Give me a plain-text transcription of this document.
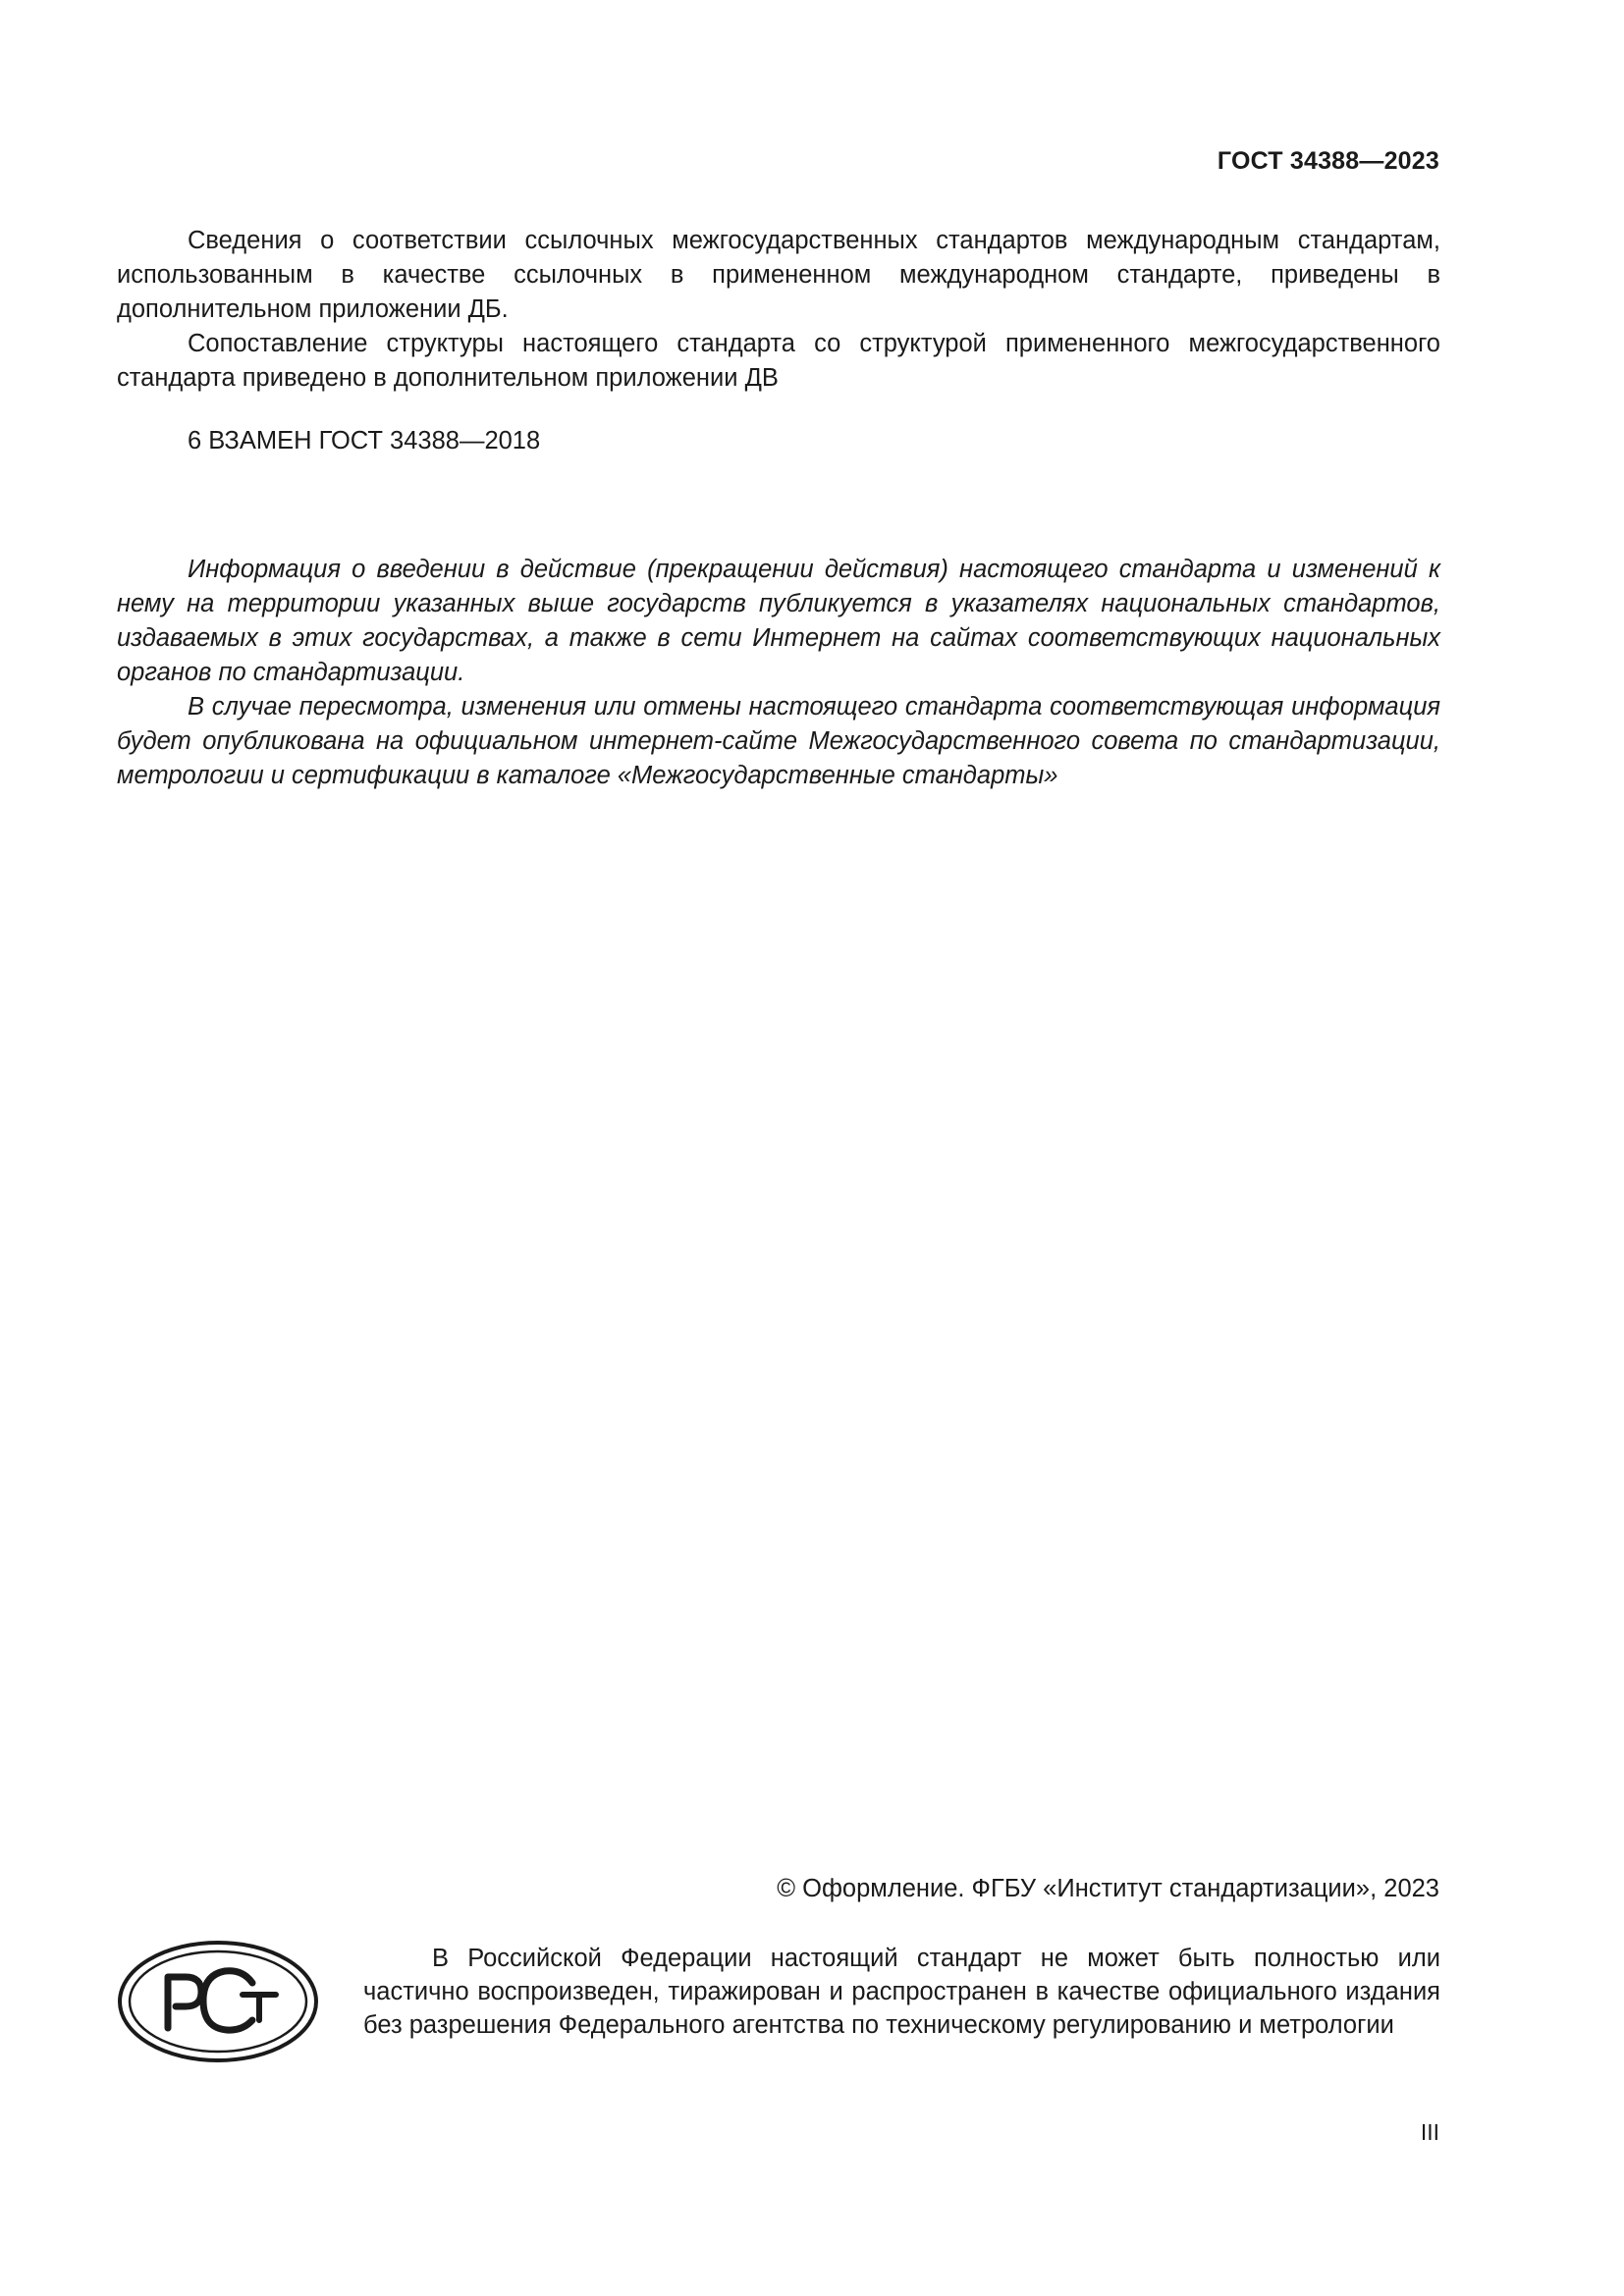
ГОСТ 34388—2023

Сведения о соответствии ссылочных межгосударственных стандартов международным стандартам, использованным в качестве ссылочных в примененном международном стандарте, приведены в дополнительном приложении ДБ.

Сопоставление структуры настоящего стандарта со структурой примененного межгосударственного стандарта приведено в дополнительном приложении ДВ

6 ВЗАМЕН ГОСТ 34388—2018

Информация о введении в действие (прекращении действия) настоящего стандарта и изменений к нему на территории указанных выше государств публикуется в указателях национальных стандартов, издаваемых в этих государствах, а также в сети Интернет на сайтах соответствующих национальных органов по стандартизации.

В случае пересмотра, изменения или отмены настоящего стандарта соответствующая информация будет опубликована на официальном интернет-сайте Межгосударственного совета по стандартизации, метрологии и сертификации в каталоге «Межгосударственные стандарты»

© Оформление. ФГБУ «Институт стандартизации», 2023

В Российской Федерации настоящий стандарт не может быть полностью или частично воспроизведен, тиражирован и распространен в качестве официального издания без разрешения Федерального агентства по техническому регулированию и метрологии

III
